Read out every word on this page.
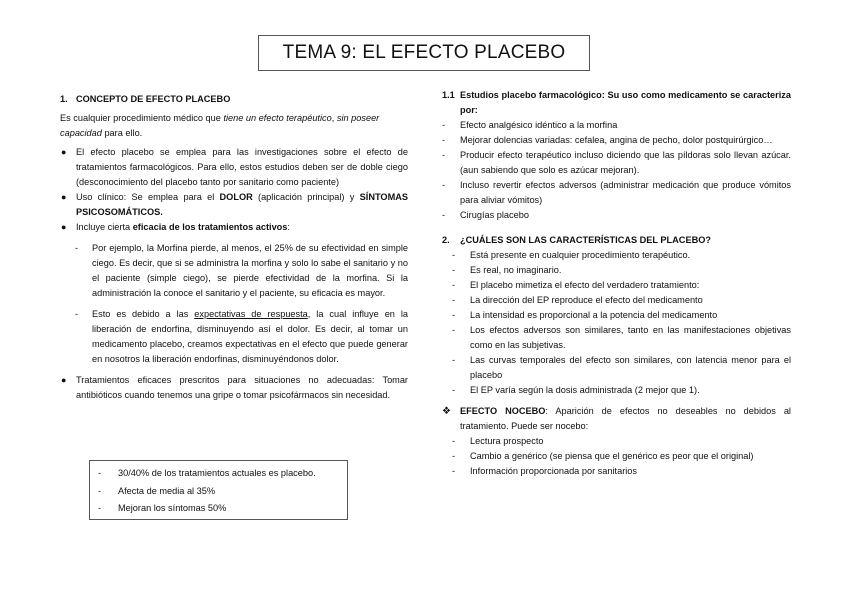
TEMA 9: EL EFECTO PLACEBO
1. CONCEPTO DE EFECTO PLACEBO

Es cualquier procedimiento médico que tiene un efecto terapéutico, sin poseer capacidad para ello.

● El efecto placebo se emplea para las investigaciones sobre el efecto de tratamientos farmacológicos. Para ello, estos estudios deben ser de doble ciego (desconocimiento del placebo tanto por sanitario como paciente)
● Uso clínico: Se emplea para el DOLOR (aplicación principal) y SÍNTOMAS PSICOSOMÁTICOS.
● Incluye cierta eficacia de los tratamientos activos:
- Por ejemplo, la Morfina pierde, al menos, el 25% de su efectividad en simple ciego. Es decir, que si se administra la morfina y solo lo sabe el sanitario y no el paciente (simple ciego), se pierde efectividad de la morfina. Si la administración la conoce el sanitario y el paciente, su eficacia es mayor.
- Esto es debido a las expectativas de respuesta, la cual influye en la liberación de endorfina, disminuyendo así el dolor. Es decir, al tomar un medicamento placebo, creamos expectativas en el efecto que puede generar en nosotros la liberación endorfinas, disminuyéndonos dolor.
● Tratamientos eficaces prescritos para situaciones no adecuadas: Tomar antibióticos cuando tenemos una gripe o tomar psicofármacos sin necesidad.
- 30/40% de los tratamientos actuales es placebo.
- Afecta de media al 35%
- Mejoran los síntomas 50%
1.1 Estudios placebo farmacológico: Su uso como medicamento se caracteriza por:
- Efecto analgésico idéntico a la morfina
- Mejorar dolencias variadas: cefalea, angina de pecho, dolor postquirúrgico…
- Producir efecto terapéutico incluso diciendo que las píldoras solo llevan azúcar. (aun sabiendo que solo es azúcar mejoran).
- Incluso revertir efectos adversos (administrar medicación que produce vómitos para aliviar vómitos)
- Cirugías placebo
2. ¿CUÁLES SON LAS CARACTERÍSTICAS DEL PLACEBO?
- Está presente en cualquier procedimiento terapéutico.
- Es real, no imaginario.
- El placebo mimetiza el efecto del verdadero tratamiento:
- La dirección del EP reproduce el efecto del medicamento
- La intensidad es proporcional a la potencia del medicamento
- Los efectos adversos son similares, tanto en las manifestaciones objetivas como en las subjetivas.
- Las curvas temporales del efecto son similares, con latencia menor para el placebo
- El EP varía según la dosis administrada (2 mejor que 1).
❖ EFECTO NOCEBO: Aparición de efectos no deseables no debidos al tratamiento. Puede ser nocebo:
- Lectura prospecto
- Cambio a genérico (se piensa que el genérico es peor que el original)
- Información proporcionada por sanitarios
